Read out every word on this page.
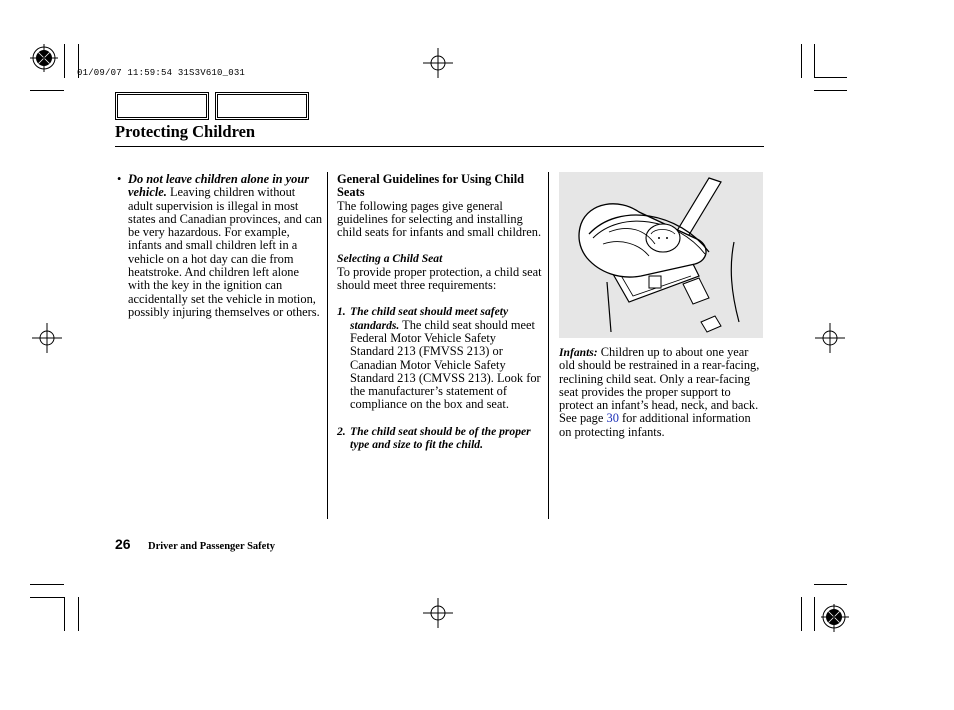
01/09/07 11:59:54 31S3V610_031
Protecting Children
• Do not leave children alone in your vehicle. Leaving children without adult supervision is illegal in most states and Canadian provinces, and can be very hazardous. For example, infants and small children left in a vehicle on a hot day can die from heatstroke. And children left alone with the key in the ignition can accidentally set the vehicle in motion, possibly injuring themselves or others.

General Guidelines for Using Child Seats

The following pages give general guidelines for selecting and installing child seats for infants and small children.

Selecting a Child Seat

To provide proper protection, a child seat should meet three requirements:

1. The child seat should meet safety standards. The child seat should meet Federal Motor Vehicle Safety Standard 213 (FMVSS 213) or Canadian Motor Vehicle Safety Standard 213 (CMVSS 213). Look for the manufacturer’s statement of compliance on the box and seat.

2. The child seat should be of the proper type and size to fit the child.

Infants: Children up to about one year old should be restrained in a rear-facing, reclining child seat. Only a rear-facing seat provides the proper support to protect an infant’s head, neck, and back. See page 30 for additional information on protecting infants.

26 Driver and Passenger Safety
